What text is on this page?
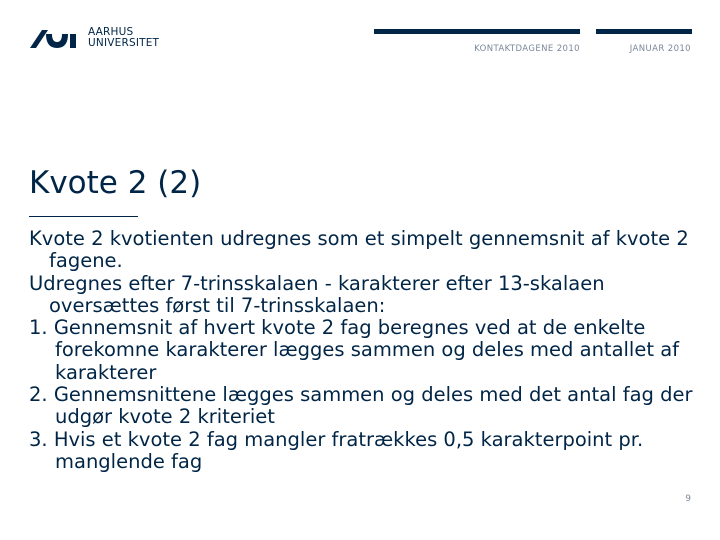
AARHUS
UNIVERSITET	KONTAKTDAGENE 2010	JANUAR 2010
Kvote 2 (2)

Kvote 2 kvotienten udregnes som et simpelt gennemsnit af kvote 2 fagene.

Udregnes efter 7-trinsskalaen - karakterer efter 13-skalaen oversættes først til 7-trinsskalaen:

1. Gennemsnit af hvert kvote 2 fag beregnes ved at de enkelte forekomne karakterer lægges sammen og deles med antallet af karakterer

2. Gennemsnittene lægges sammen og deles med det antal fag der udgør kvote 2 kriteriet

3. Hvis et kvote 2 fag mangler fratrækkes 0,5 karakterpoint pr. manglende fag

9
